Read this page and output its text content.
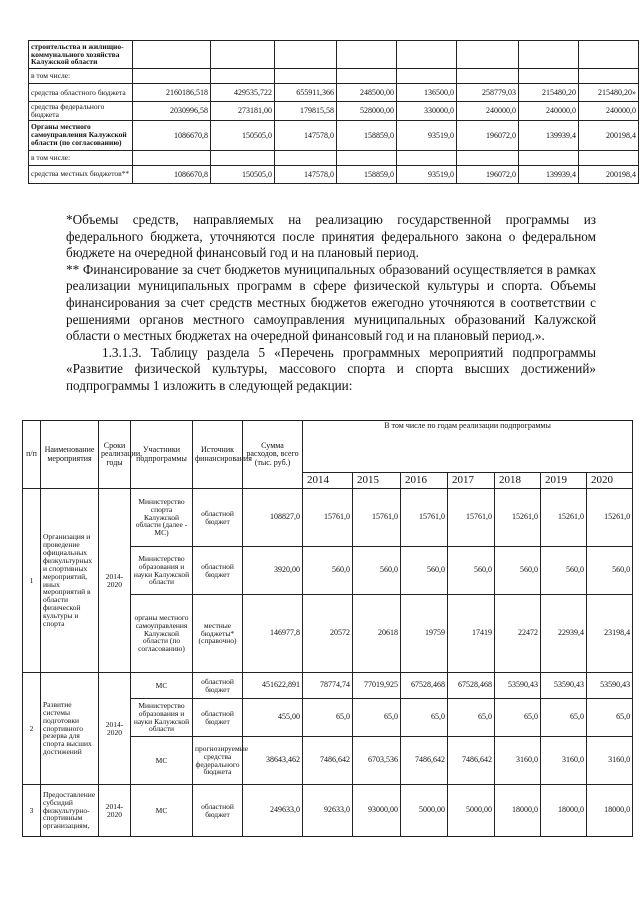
строительства и жилищно-коммунального хозяйства Калужской области								
в том числе:								
средства областного бюджета	2160186,518	429535,722	655911,366	248500,00	136500,0	258779,03	215480,20	215480,20»
средства федерального бюджета	2030996,58	273181,00	179815,58	528000,00	330000,0	240000,0	240000,0	240000,0
Органы местного самоуправления Калужской области (по согласованию)	1086670,8	150505,0	147578,0	158859,0	93519,0	196072,0	139939,4	200198,4
в том числе:								
средства местных бюджетов**	1086670,8	150505,0	147578,0	158859,0	93519,0	196072,0	139939,4	200198,4

*Объемы средств, направляемых на реализацию государственной программы из федерального бюджета, уточняются после принятия федерального закона о федеральном бюджете на очередной финансовый год и на плановый период.

** Финансирование за счет бюджетов муниципальных образований осуществляется в рамках реализации муниципальных программ в сфере физической культуры и спорта. Объемы финансирования за счет средств местных бюджетов ежегодно уточняются в соответствии с решениями органов местного самоуправления муниципальных образований Калужской области о местных бюджетах на очередной финансовый год и на плановый период.».

1.3.1.3. Таблицу раздела 5 «Перечень программных мероприятий подпрограммы «Развитие физической культуры, массового спорта и спорта высших достижений» подпрограммы 1 изложить в следующей редакции:

п/п	Наименование мероприятия	Сроки реализации, годы	Участники подпрограммы	Источник финансирования	Сумма расходов, всего (тыс. руб.)	В том числе по годам реализации подпрограммы						
						2014	2015	2016	2017	2018	2019	2020
1	Организация и проведение официальных физкультурных и спортивных мероприятий, иных мероприятий в области физической культуры и спорта	2014-2020	Министерство спорта Калужской области (далее - МС)	областной бюджет	108827,0	15761,0	15761,0	15761,0	15761,0	15261,0	15261,0	15261,0
			Министерство образования и науки Калужской области	областной бюджет	3920,00	560,0	560,0	560,0	560,0	560,0	560,0	560,0
			органы местного самоуправления Калужской области (по согласованию)	местные бюджеты* (справочно)	146977,8	20572	20618	19759	17419	22472	22939,4	23198,4
2	Развитие системы подготовки спортивного резерва для спорта высших достижений	2014-2020	МС	областной бюджет	451622,891	78774,74	77019,925	67528,468	67528,468	53590,43	53590,43	53590,43
			Министерство образования и науки Калужской области	областной бюджет	455,00	65,0	65,0	65,0	65,0	65,0	65,0	65,0
			МС	прогнозируемые средства федерального бюджета	38643,462	7486,642	6703,536	7486,642	7486,642	3160,0	3160,0	3160,0
3	Предоставление субсидий физкультурно-спортивным организациям,	2014-2020	МС	областной бюджет	249633,0	92633,0	93000,00	5000,00	5000,00	18000,0	18000,0	18000,0
